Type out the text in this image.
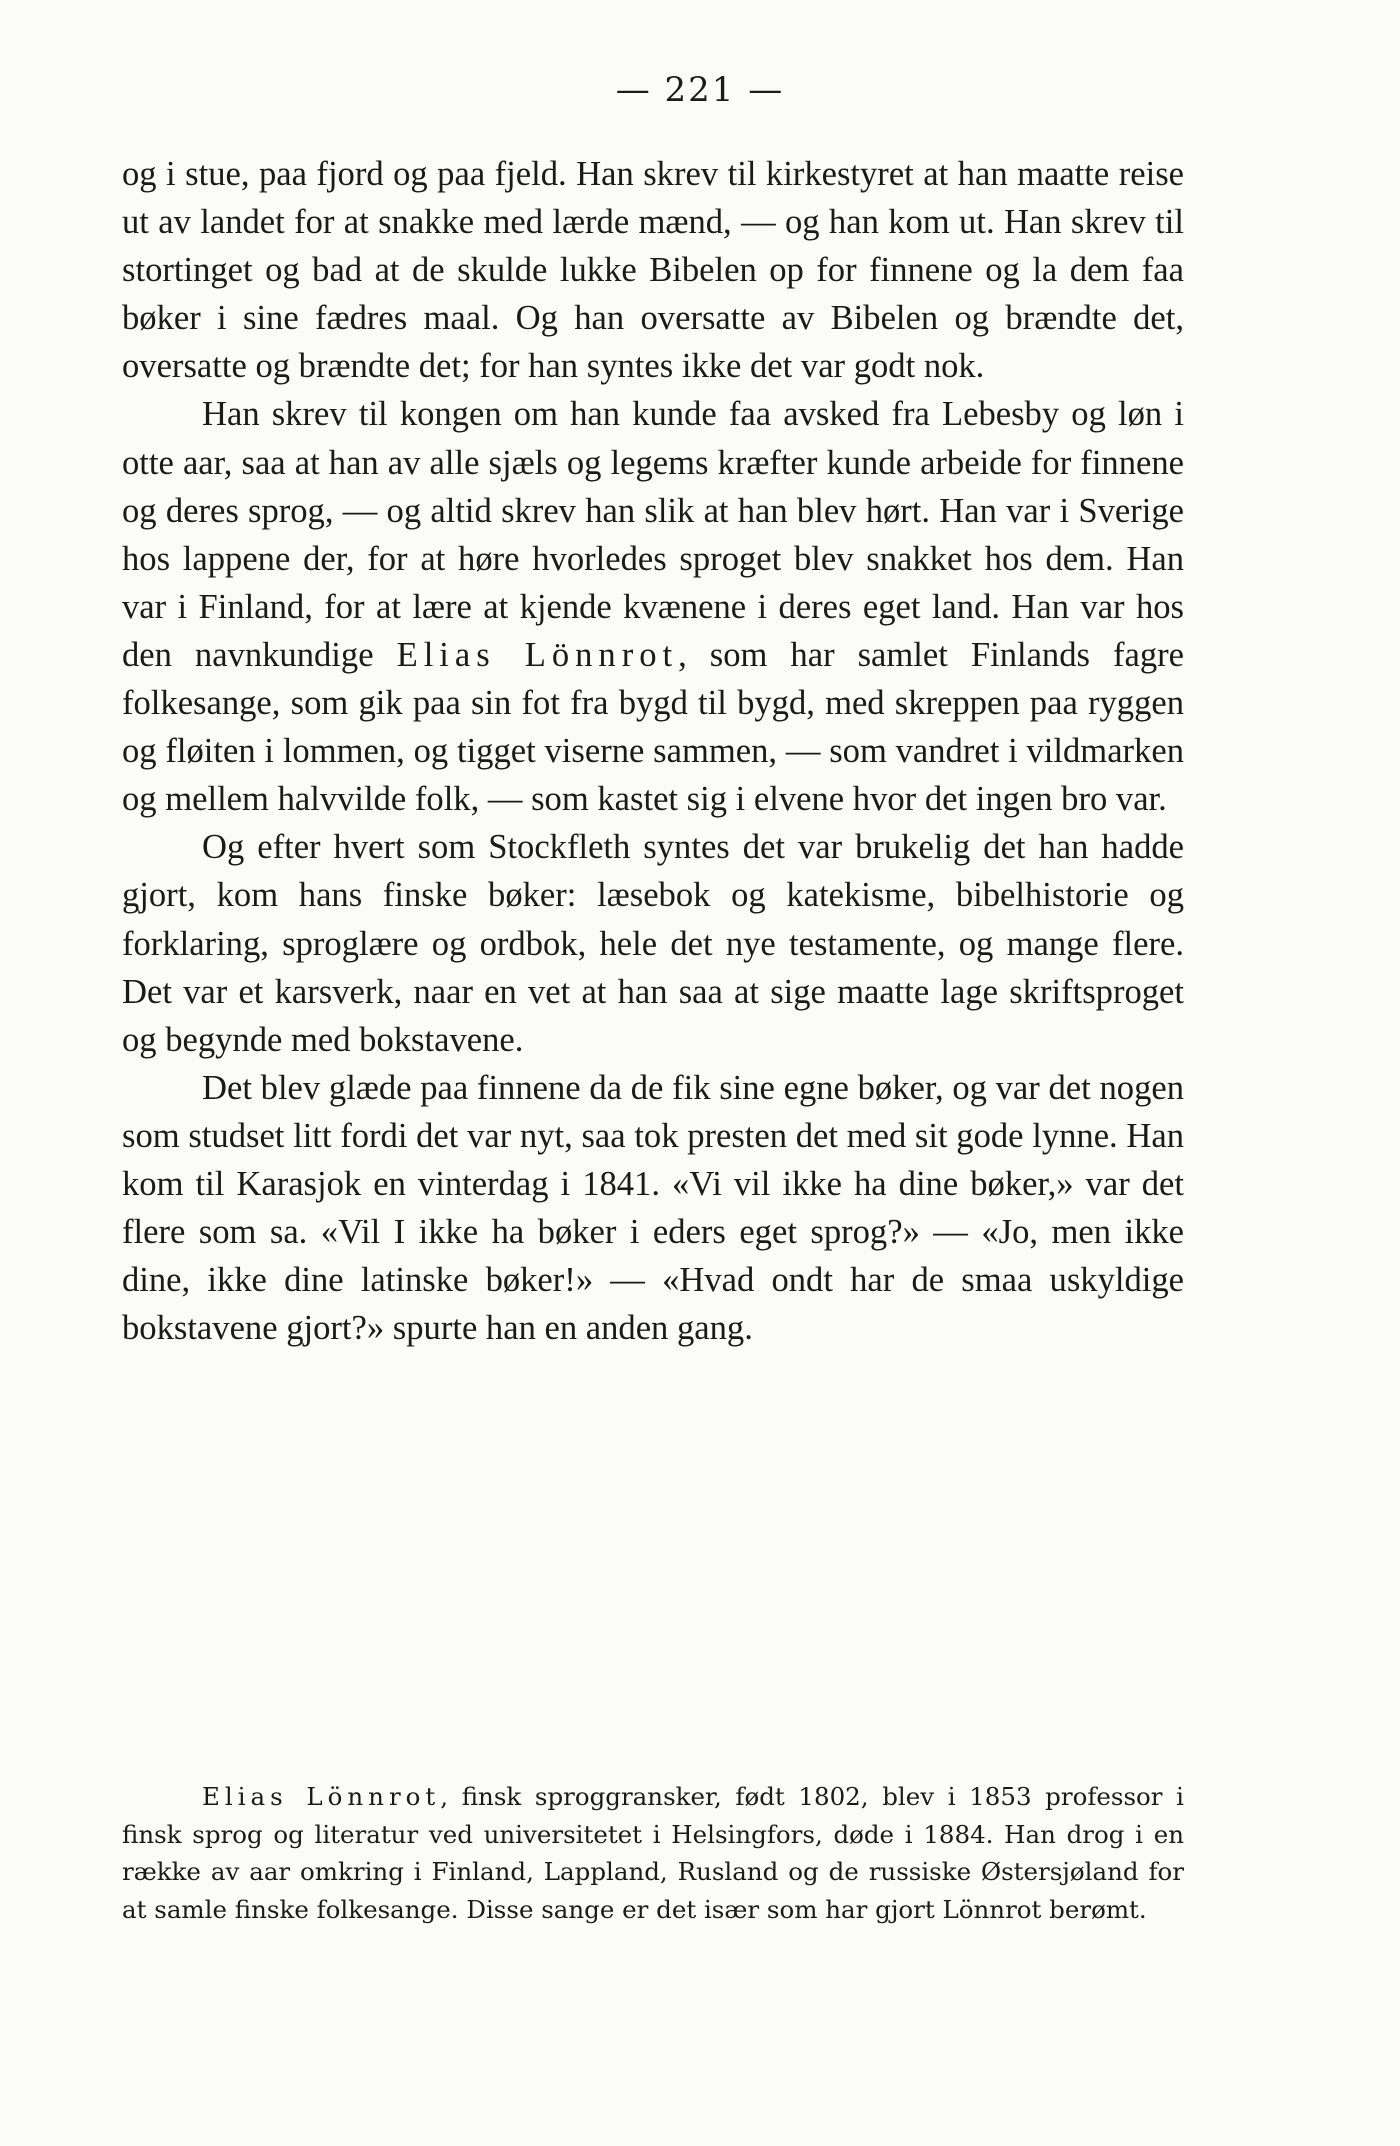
— 221 —

og i stue, paa fjord og paa fjeld. Han skrev til kirkestyret at han maatte reise ut av landet for at snakke med lærde mænd, — og han kom ut. Han skrev til stortinget og bad at de skulde lukke Bibelen op for finnene og la dem faa bøker i sine fædres maal. Og han oversatte av Bibelen og brændte det, oversatte og brændte det; for han syntes ikke det var godt nok.

Han skrev til kongen om han kunde faa avsked fra Lebesby og løn i otte aar, saa at han av alle sjæls og legems kræfter kunde arbeide for finnene og deres sprog, — og altid skrev han slik at han blev hørt. Han var i Sverige hos lappene der, for at høre hvorledes sproget blev snakket hos dem. Han var i Finland, for at lære at kjende kvænene i deres eget land. Han var hos den navnkundige Elias Lönnrot, som har samlet Finlands fagre folkesange, som gik paa sin fot fra bygd til bygd, med skreppen paa ryggen og fløiten i lommen, og tigget viserne sammen, — som vandret i vildmarken og mellem halvvilde folk, — som kastet sig i elvene hvor det ingen bro var.

Og efter hvert som Stockfleth syntes det var brukelig det han hadde gjort, kom hans finske bøker: læsebok og katekisme, bibelhistorie og forklaring, sproglære og ordbok, hele det nye testamente, og mange flere. Det var et karsverk, naar en vet at han saa at sige maatte lage skriftsproget og begynde med bokstavene.

Det blev glæde paa finnene da de fik sine egne bøker, og var det nogen som studset litt fordi det var nyt, saa tok presten det med sit gode lynne. Han kom til Karasjok en vinterdag i 1841. «Vi vil ikke ha dine bøker,» var det flere som sa. «Vil I ikke ha bøker i eders eget sprog?» — «Jo, men ikke dine, ikke dine latinske bøker!» — «Hvad ondt har de smaa uskyldige bokstavene gjort?» spurte han en anden gang.

Elias Lönnrot, finsk sproggransker, født 1802, blev i 1853 professor i finsk sprog og literatur ved universitetet i Helsingfors, døde i 1884. Han drog i en række av aar omkring i Finland, Lappland, Rusland og de russiske Østersjøland for at samle finske folkesange. Disse sange er det især som har gjort Lönnrot berømt.
